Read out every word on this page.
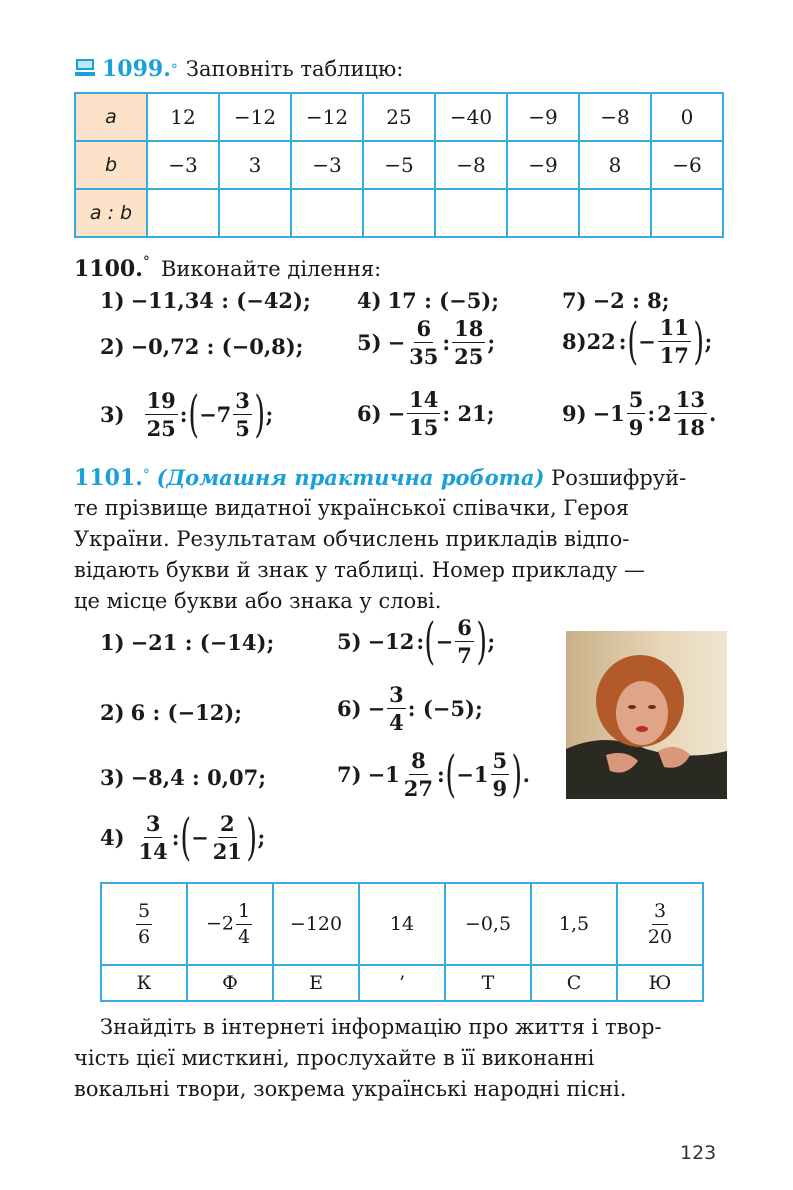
1099. ° Заповніть таблицю:
a	12	−12	−12	25	−40	−9	−8	0
b	−3	3	−3	−5	−8	−9	8	−6
a : b								
1100.° Виконайте ділення:
1) −11,34 : (−42); 4) 17 : (−5);	7) −2 : 8;
2) −0,72 : (−0,8);	$5) - \frac{6}{35}$ : $\frac{18}{25}$ ;	8) 22 : ( − $\frac{11}{17}$ ) ;
$3) \frac{19}{25}$ : ( $-7 \frac{3}{5}$ ) ;	$6) - \frac{14}{15}$ : 21;	$9) -1 \frac{5}{9}$ : $2 \frac{13}{18}$ .
1101.° (Домашня практична робота) Розшифруй-
те прізвище видатної української співачки, Героя
України. Результатам обчислень прикладів відпо-
відають букви й знак у таблиці. Номер прикладу —
це місце букви або знака у слові.
1) −21 : (−14);	5) −12 : ( − $\frac{6}{7}$ ) ;
2) 6 : (−12);	$6) - \frac{3}{4}$ : (−5);
3) −8,4 : 0,07;	$7) -1 \frac{8}{27}$ : ( $-1 \frac{5}{9}$ ) .
$4) \frac{3}{14}$ : ( − $\frac{2}{21}$ ) ;
$\frac{5}{6}$	$-2 \frac{1}{4}$	−120	14	−0,5	1,5	$\frac{3}{20}$

К	Ф	Е	’	Т	С	Ю
Знайдіть в інтернеті інформацію про життя і твор-
чість цієї мисткині, прослухайте в її виконанні
вокальні твори, зокрема українські народні пісні.
123
